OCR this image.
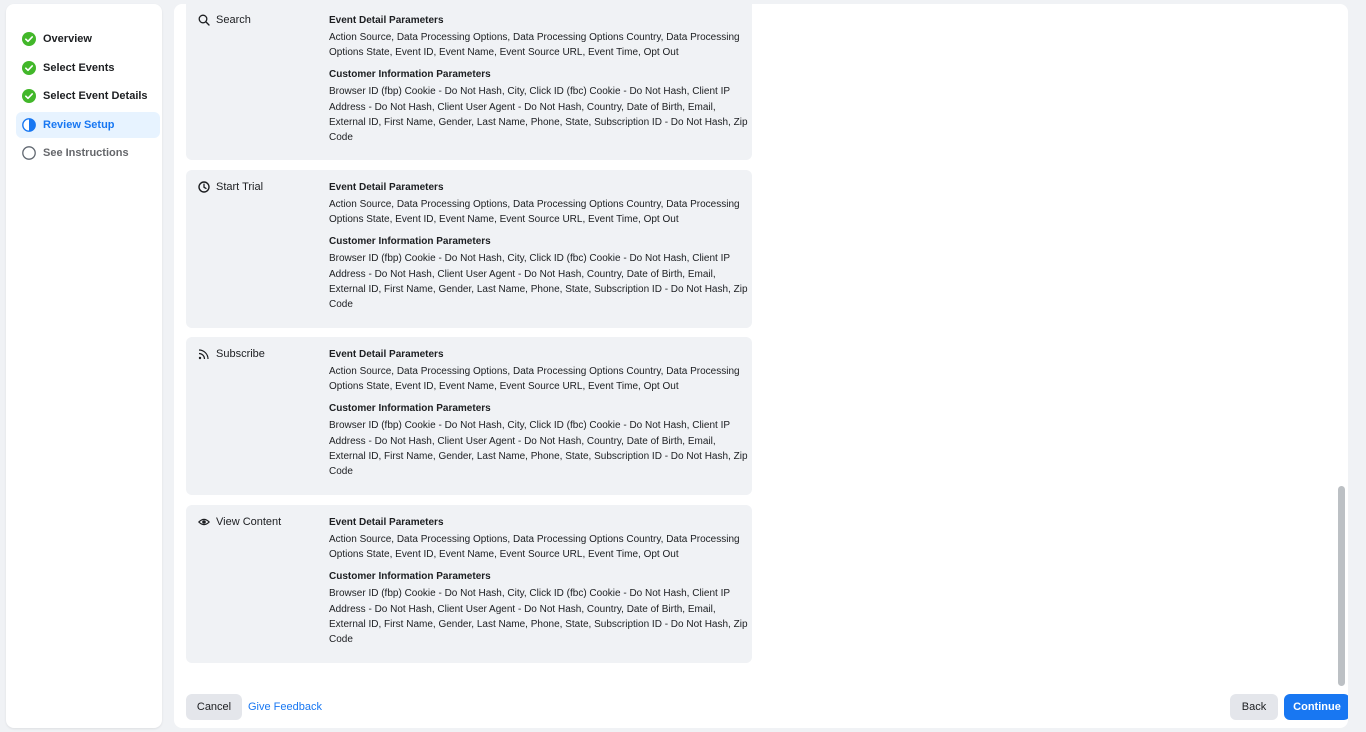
Overview
Select Events
Select Event Details
Review Setup
See Instructions
Search	Event Detail Parameters

Action Source, Data Processing Options, Data Processing Options Country, Data Processing Options State, Event ID, Event Name, Event Source URL, Event Time, Opt Out

Customer Information Parameters

Browser ID (fbp) Cookie - Do Not Hash, City, Click ID (fbc) Cookie - Do Not Hash, Client IP Address - Do Not Hash, Client User Agent - Do Not Hash, Country, Date of Birth, Email, External ID, First Name, Gender, Last Name, Phone, State, Subscription ID - Do Not Hash, Zip Code

Start Trial	Event Detail Parameters

Action Source, Data Processing Options, Data Processing Options Country, Data Processing Options State, Event ID, Event Name, Event Source URL, Event Time, Opt Out

Customer Information Parameters

Browser ID (fbp) Cookie - Do Not Hash, City, Click ID (fbc) Cookie - Do Not Hash, Client IP Address - Do Not Hash, Client User Agent - Do Not Hash, Country, Date of Birth, Email, External ID, First Name, Gender, Last Name, Phone, State, Subscription ID - Do Not Hash, Zip Code

Subscribe	Event Detail Parameters

Action Source, Data Processing Options, Data Processing Options Country, Data Processing Options State, Event ID, Event Name, Event Source URL, Event Time, Opt Out

Customer Information Parameters

Browser ID (fbp) Cookie - Do Not Hash, City, Click ID (fbc) Cookie - Do Not Hash, Client IP Address - Do Not Hash, Client User Agent - Do Not Hash, Country, Date of Birth, Email, External ID, First Name, Gender, Last Name, Phone, State, Subscription ID - Do Not Hash, Zip Code

View Content	Event Detail Parameters

Action Source, Data Processing Options, Data Processing Options Country, Data Processing Options State, Event ID, Event Name, Event Source URL, Event Time, Opt Out

Customer Information Parameters

Browser ID (fbp) Cookie - Do Not Hash, City, Click ID (fbc) Cookie - Do Not Hash, Client IP Address - Do Not Hash, Client User Agent - Do Not Hash, Country, Date of Birth, Email, External ID, First Name, Gender, Last Name, Phone, State, Subscription ID - Do Not Hash, Zip Code

Cancel	Give Feedback	Back	Continue
